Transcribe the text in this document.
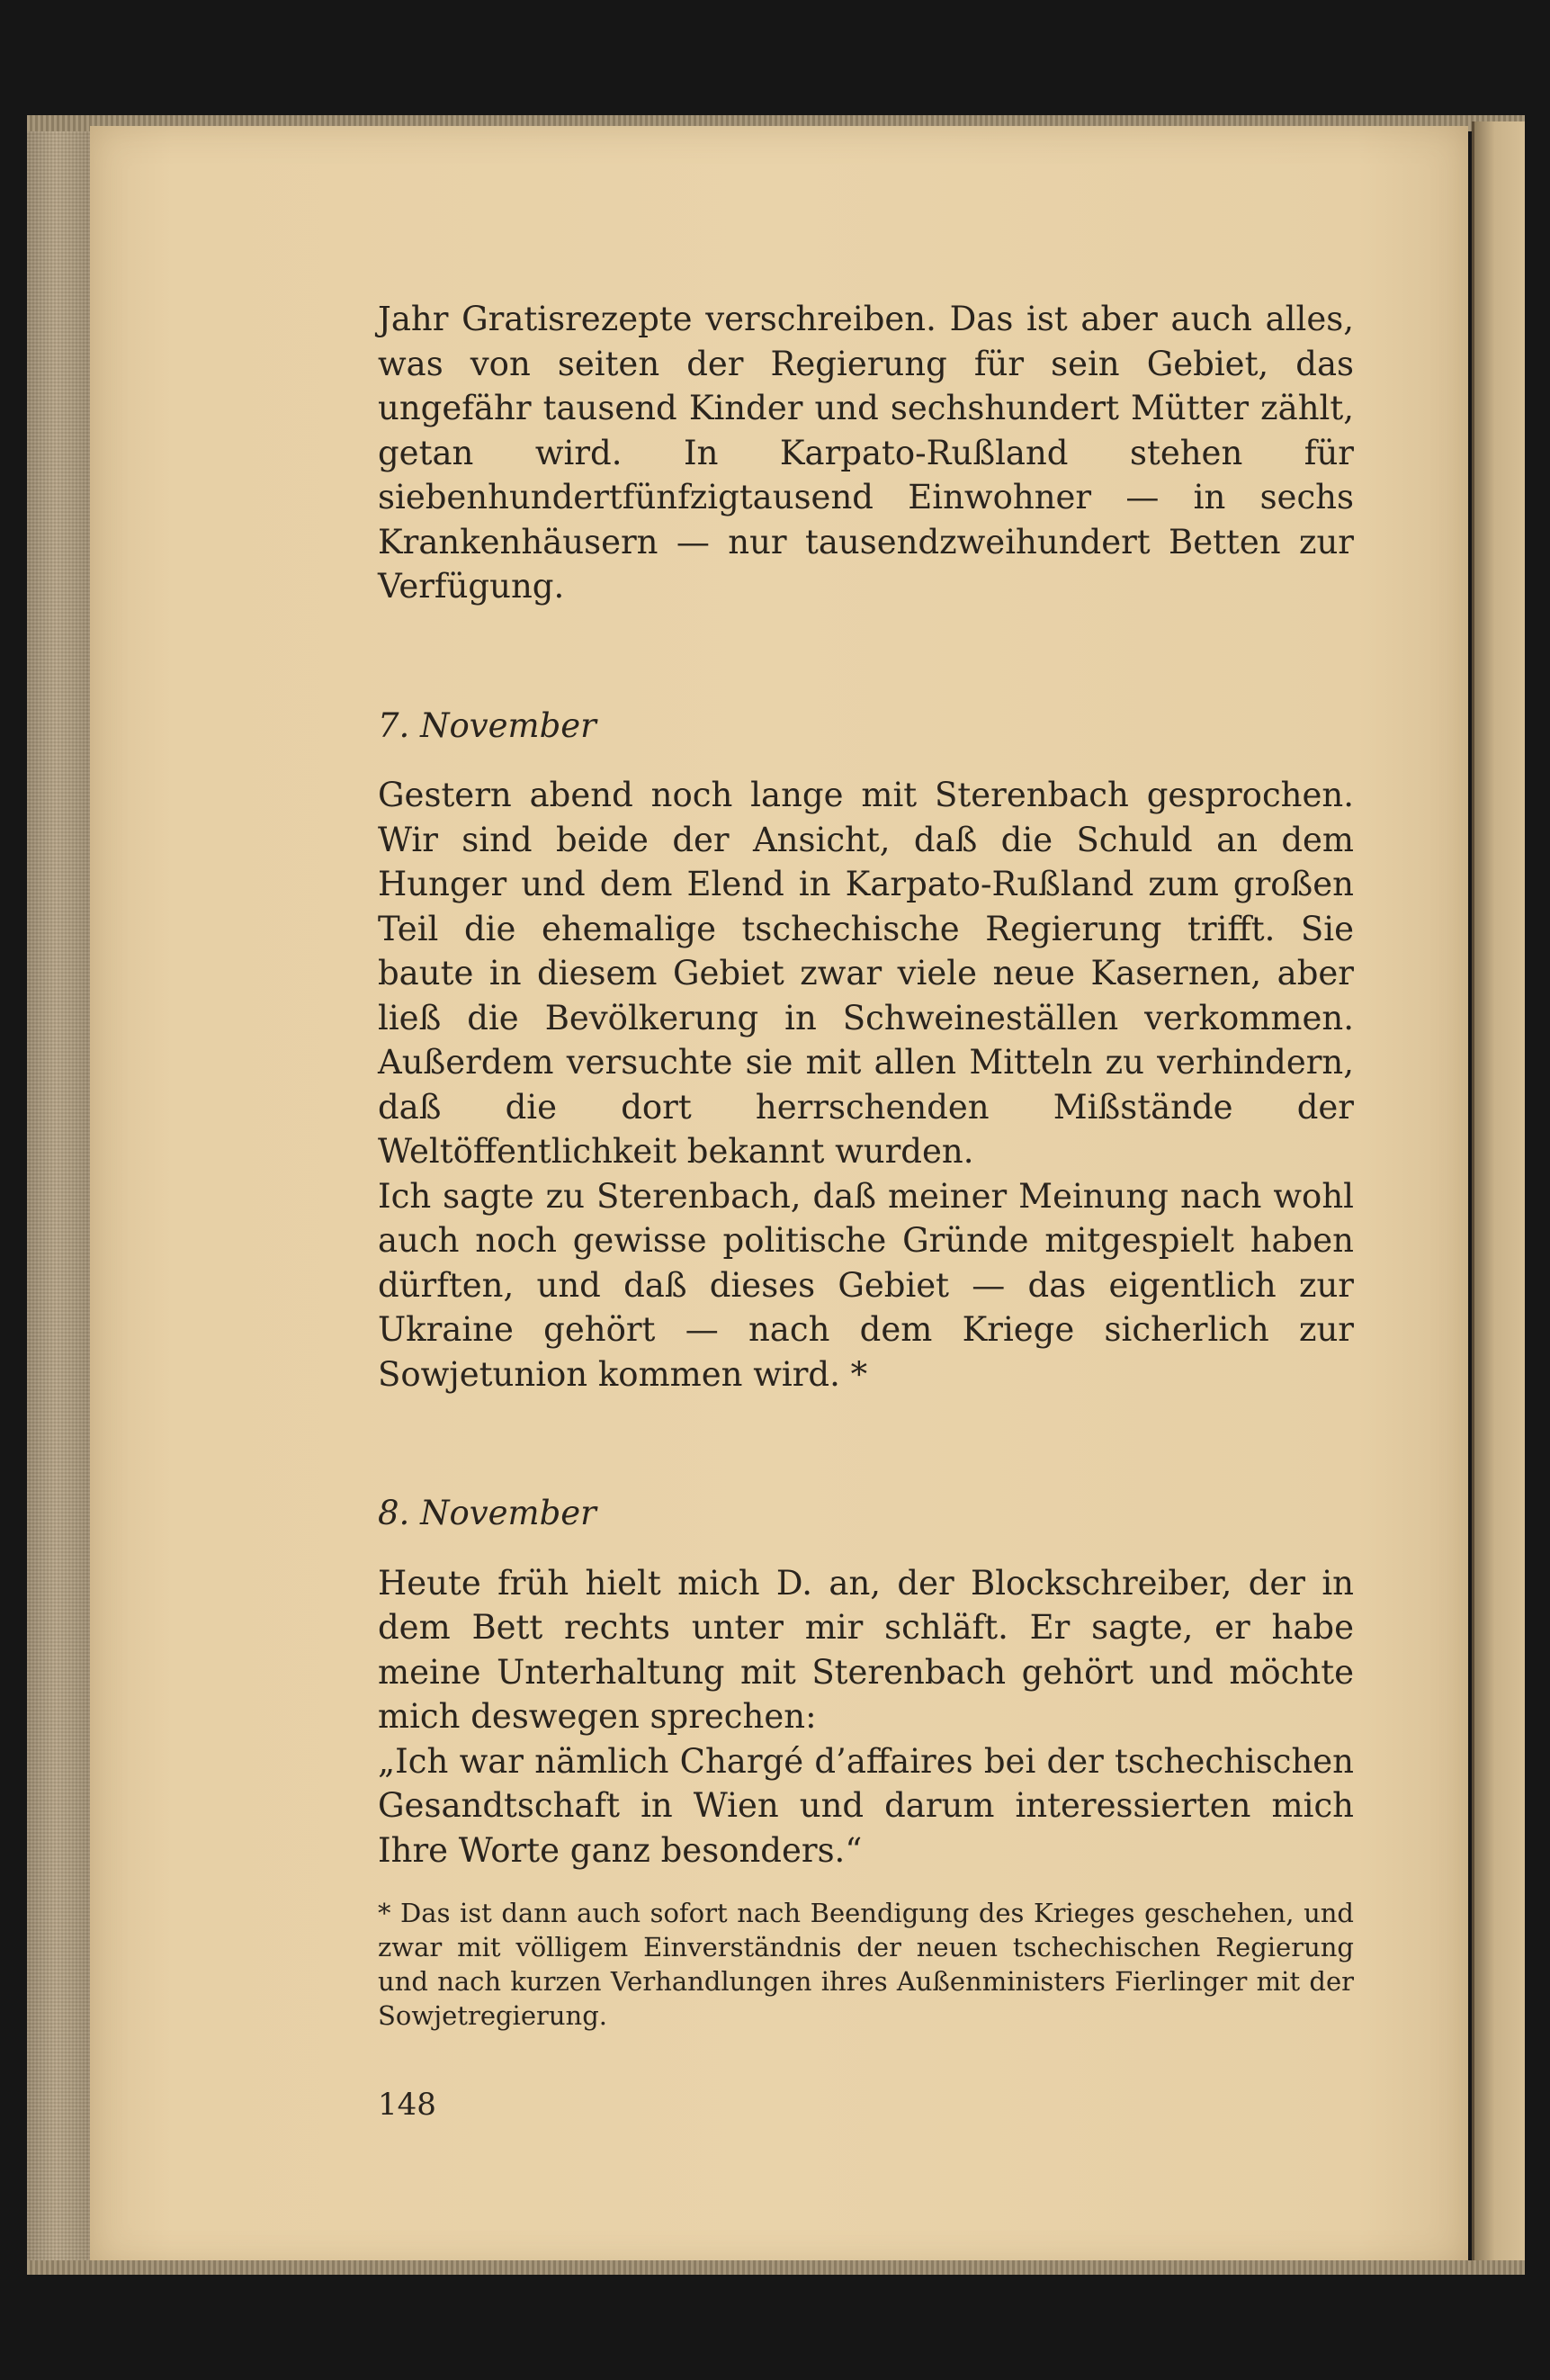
Jahr Gratisrezepte verschreiben. Das ist aber auch alles, was von seiten der Regierung für sein Gebiet, das ungefähr tausend Kinder und sechshundert Mütter zählt, getan wird. In Karpato-Rußland stehen für siebenhundertfünfzigtausend Einwohner — in sechs Krankenhäusern — nur tausendzweihundert Betten zur Verfügung.

7. November

Gestern abend noch lange mit Sterenbach gesprochen. Wir sind beide der Ansicht, daß die Schuld an dem Hunger und dem Elend in Karpato-Rußland zum großen Teil die ehemalige tschechische Regierung trifft. Sie baute in diesem Gebiet zwar viele neue Kasernen, aber ließ die Bevölkerung in Schweineställen verkommen. Außerdem versuchte sie mit allen Mitteln zu verhindern, daß die dort herrschenden Mißstände der Weltöffentlichkeit bekannt wurden.

Ich sagte zu Sterenbach, daß meiner Meinung nach wohl auch noch gewisse politische Gründe mitgespielt haben dürften, und daß dieses Gebiet — das eigentlich zur Ukraine gehört — nach dem Kriege sicherlich zur Sowjetunion kommen wird. *

8. November

Heute früh hielt mich D. an, der Blockschreiber, der in dem Bett rechts unter mir schläft. Er sagte, er habe meine Unterhaltung mit Sterenbach gehört und möchte mich deswegen sprechen:

„Ich war nämlich Chargé d’affaires bei der tschechischen Gesandtschaft in Wien und darum interessierten mich Ihre Worte ganz besonders.“

* Das ist dann auch sofort nach Beendigung des Krieges geschehen, und zwar mit völligem Einverständnis der neuen tschechischen Regierung und nach kurzen Verhandlungen ihres Außenministers Fierlinger mit der Sowjetregierung.

148
